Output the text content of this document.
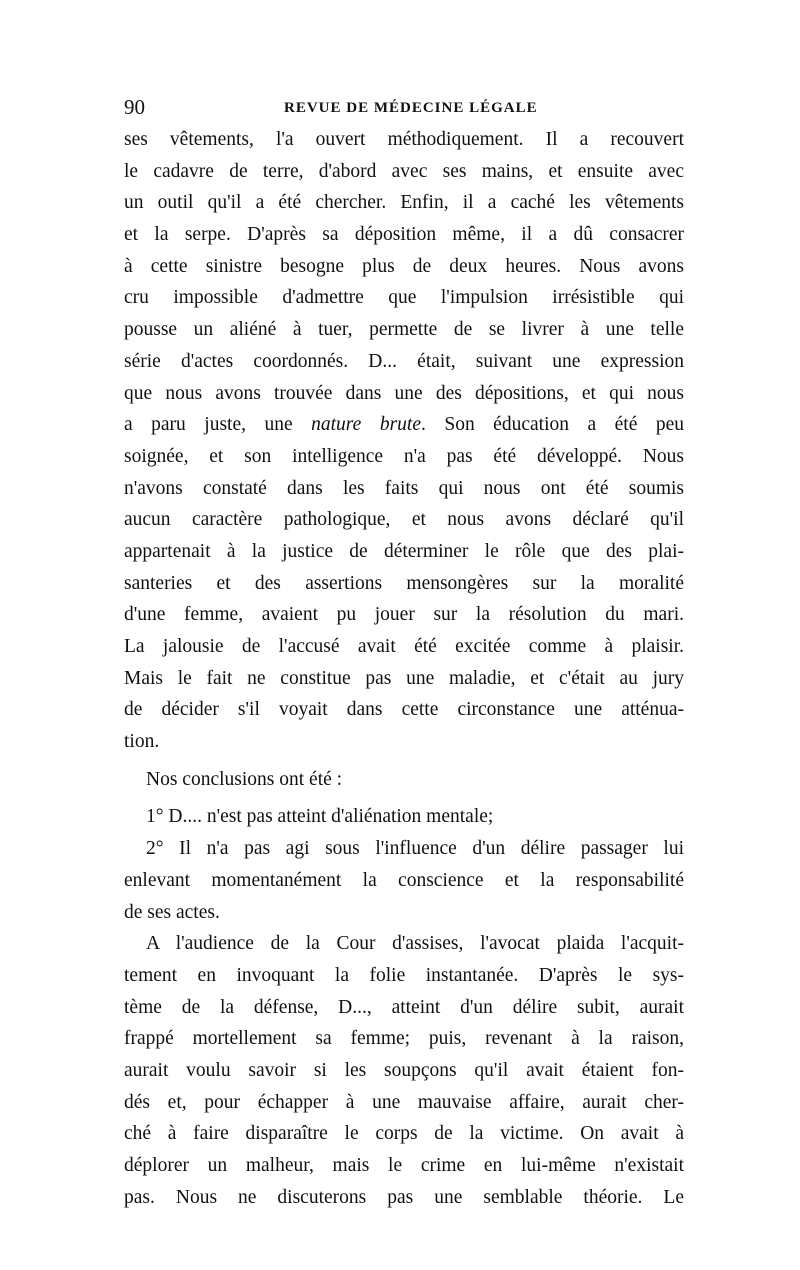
90	REVUE DE MÉDECINE LÉGALE
ses vêtements, l'a ouvert méthodiquement. Il a recouvert
le cadavre de terre, d'abord avec ses mains, et ensuite avec
un outil qu'il a été chercher. Enfin, il a caché les vêtements
et la serpe. D'après sa déposition même, il a dû consacrer
à cette sinistre besogne plus de deux heures. Nous avons
cru impossible d'admettre que l'impulsion irrésistible qui
pousse un aliéné à tuer, permette de se livrer à une telle
série d'actes coordonnés. D... était, suivant une expression
que nous avons trouvée dans une des dépositions, et qui nous
a paru juste, une nature brute. Son éducation a été peu
soignée, et son intelligence n'a pas été développé. Nous
n'avons constaté dans les faits qui nous ont été soumis
aucun caractère pathologique, et nous avons déclaré qu'il
appartenait à la justice de déterminer le rôle que des plai-
santeries et des assertions mensongères sur la moralité
d'une femme, avaient pu jouer sur la résolution du mari.
La jalousie de l'accusé avait été excitée comme à plaisir.
Mais le fait ne constitue pas une maladie, et c'était au jury
de décider s'il voyait dans cette circonstance une atténua-
tion.
Nos conclusions ont été :
1° D.... n'est pas atteint d'aliénation mentale;
2° Il n'a pas agi sous l'influence d'un délire passager lui
enlevant momentanément la conscience et la responsabilité
de ses actes.
A l'audience de la Cour d'assises, l'avocat plaida l'acquit-
tement en invoquant la folie instantanée. D'après le sys-
tème de la défense, D..., atteint d'un délire subit, aurait
frappé mortellement sa femme; puis, revenant à la raison,
aurait voulu savoir si les soupçons qu'il avait étaient fon-
dés et, pour échapper à une mauvaise affaire, aurait cher-
ché à faire disparaître le corps de la victime. On avait à
déplorer un malheur, mais le crime en lui-même n'existait
pas. Nous ne discuterons pas une semblable théorie. Le
